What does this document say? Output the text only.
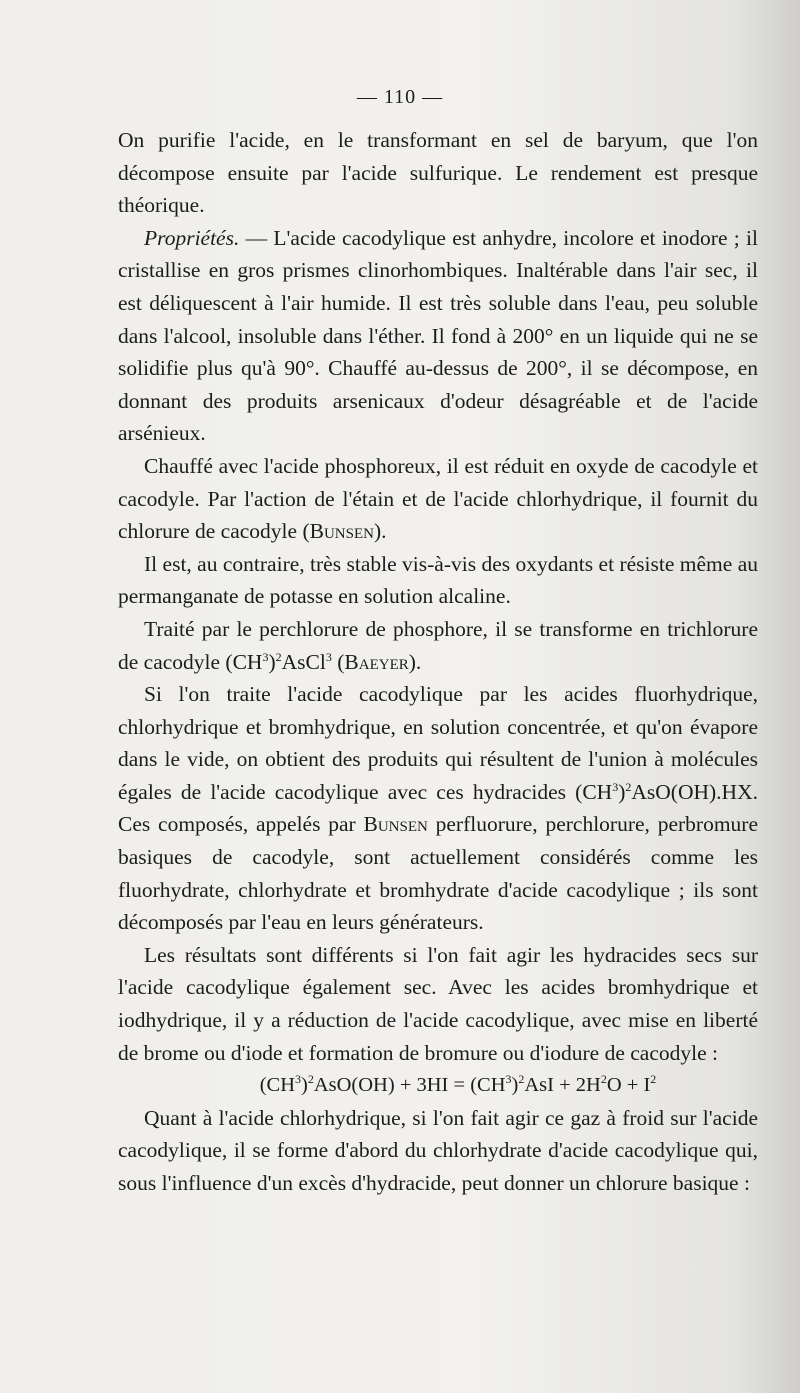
— 110 —

On purifie l'acide, en le transformant en sel de baryum, que l'on décompose ensuite par l'acide sulfurique. Le rendement est presque théorique.

Propriétés. — L'acide cacodylique est anhydre, incolore et inodore ; il cristallise en gros prismes clinorhombiques. Inaltérable dans l'air sec, il est déliquescent à l'air humide. Il est très soluble dans l'eau, peu soluble dans l'alcool, insoluble dans l'éther. Il fond à 200° en un liquide qui ne se solidifie plus qu'à 90°. Chauffé au-dessus de 200°, il se décompose, en donnant des produits arsenicaux d'odeur désagréable et de l'acide arsénieux.

Chauffé avec l'acide phosphoreux, il est réduit en oxyde de cacodyle et cacodyle. Par l'action de l'étain et de l'acide chlorhydrique, il fournit du chlorure de cacodyle (Bunsen).

Il est, au contraire, très stable vis-à-vis des oxydants et résiste même au permanganate de potasse en solution alcaline.

Traité par le perchlorure de phosphore, il se transforme en trichlorure de cacodyle $(CH^3)^2AsCl^3$ (Baeyer).

Si l'on traite l'acide cacodylique par les acides fluorhydrique, chlorhydrique et bromhydrique, en solution concentrée, et qu'on évapore dans le vide, on obtient des produits qui résultent de l'union à molécules égales de l'acide cacodylique avec ces hydracides $(CH^3)^2AsO(OH).HX$. Ces composés, appelés par Bunsen perfluorure, perchlorure, perbromure basiques de cacodyle, sont actuellement considérés comme les fluorhydrate, chlorhydrate et bromhydrate d'acide cacodylique ; ils sont décomposés par l'eau en leurs générateurs.

Les résultats sont différents si l'on fait agir les hydracides secs sur l'acide cacodylique également sec. Avec les acides bromhydrique et iodhydrique, il y a réduction de l'acide cacodylique, avec mise en liberté de brome ou d'iode et formation de bromure ou d'iodure de cacodyle :

$(CH^3)^2AsO(OH) + 3HI = (CH^3)^2AsI + 2H^2O + I^2$

Quant à l'acide chlorhydrique, si l'on fait agir ce gaz à froid sur l'acide cacodylique, il se forme d'abord du chlorhydrate d'acide cacodylique qui, sous l'influence d'un excès d'hydracide, peut donner un chlorure basique :
